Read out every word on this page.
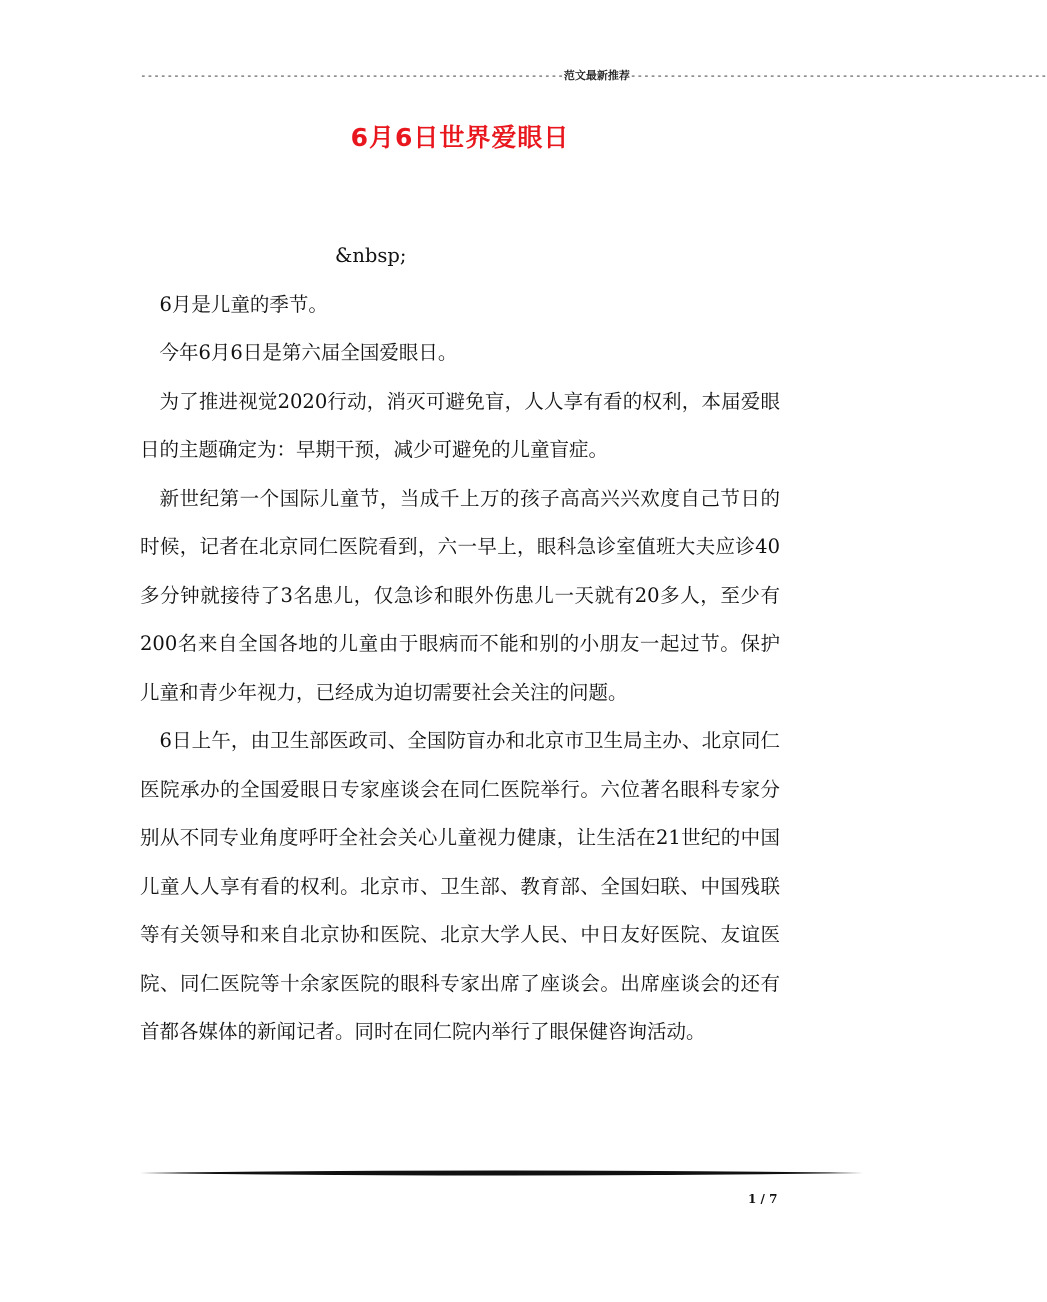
----------------------------------------------------------------范文最新推荐---------------------------------------------------------------
6月6日世界爱眼日

&nbsp;

6月是儿童的季节。

今年6月6日是第六届全国爱眼日。

为了推进视觉2020行动，消灭可避免盲，人人享有看的权利，本届爱眼日的主题确定为：早期干预，减少可避免的儿童盲症。

新世纪第一个国际儿童节，当成千上万的孩子高高兴兴欢度自己节日的时候，记者在北京同仁医院看到，六一早上，眼科急诊室值班大夫应诊40多分钟就接待了3名患儿，仅急诊和眼外伤患儿一天就有20多人，至少有200名来自全国各地的儿童由于眼病而不能和别的小朋友一起过节。保护儿童和青少年视力，已经成为迫切需要社会关注的问题。

6日上午，由卫生部医政司、全国防盲办和北京市卫生局主办、北京同仁医院承办的全国爱眼日专家座谈会在同仁医院举行。六位著名眼科专家分别从不同专业角度呼吁全社会关心儿童视力健康，让生活在21世纪的中国儿童人人享有看的权利。北京市、卫生部、教育部、全国妇联、中国残联等有关领导和来自北京协和医院、北京大学人民、中日友好医院、友谊医院、同仁医院等十余家医院的眼科专家出席了座谈会。出席座谈会的还有首都各媒体的新闻记者。同时在同仁院内举行了眼保健咨询活动。

1 / 7
